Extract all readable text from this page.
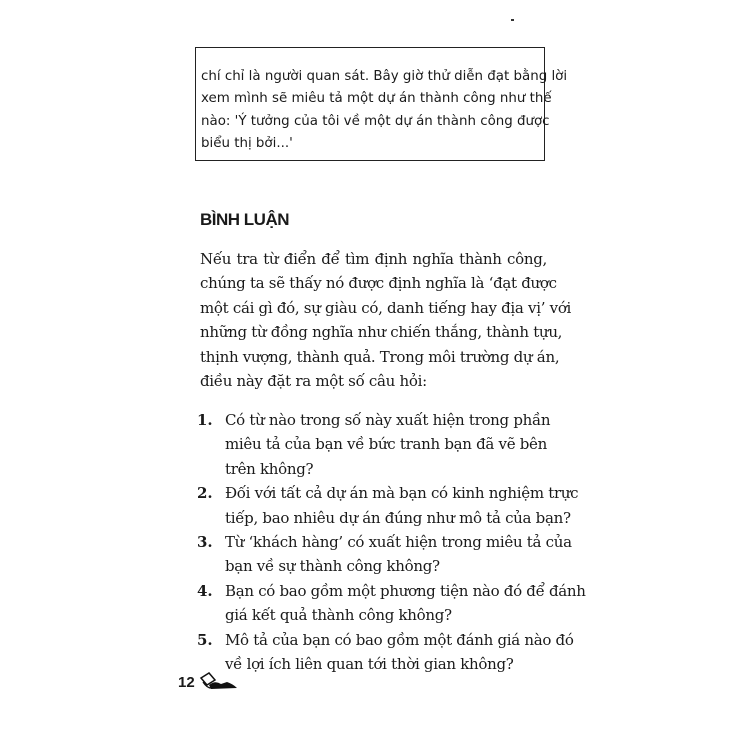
chí chỉ là người quan sát. Bây giờ thử diễn đạt bằng lời
xem mình sẽ miêu tả một dự án thành công như thế
nào: 'Ý tưởng của tôi về một dự án thành công được
biểu thị bởi...'
BÌNH LUẬN
Nếu tra từ điển để tìm định nghĩa thành công,
chúng ta sẽ thấy nó được định nghĩa là ‘đạt được
một cái gì đó, sự giàu có, danh tiếng hay địa vị’ với
những từ đồng nghĩa như chiến thắng, thành tựu,
thịnh vượng, thành quả. Trong môi trường dự án,
điều này đặt ra một số câu hỏi:
1. Có từ nào trong số này xuất hiện trong phần
miêu tả của bạn về bức tranh bạn đã vẽ bên
trên không?
2. Đối với tất cả dự án mà bạn có kinh nghiệm trực
tiếp, bao nhiêu dự án đúng như mô tả của bạn?
3. Từ ‘khách hàng’ có xuất hiện trong miêu tả của
bạn về sự thành công không?
4. Bạn có bao gồm một phương tiện nào đó để đánh
giá kết quả thành công không?
5. Mô tả của bạn có bao gồm một đánh giá nào đó
về lợi ích liên quan tới thời gian không?
12
